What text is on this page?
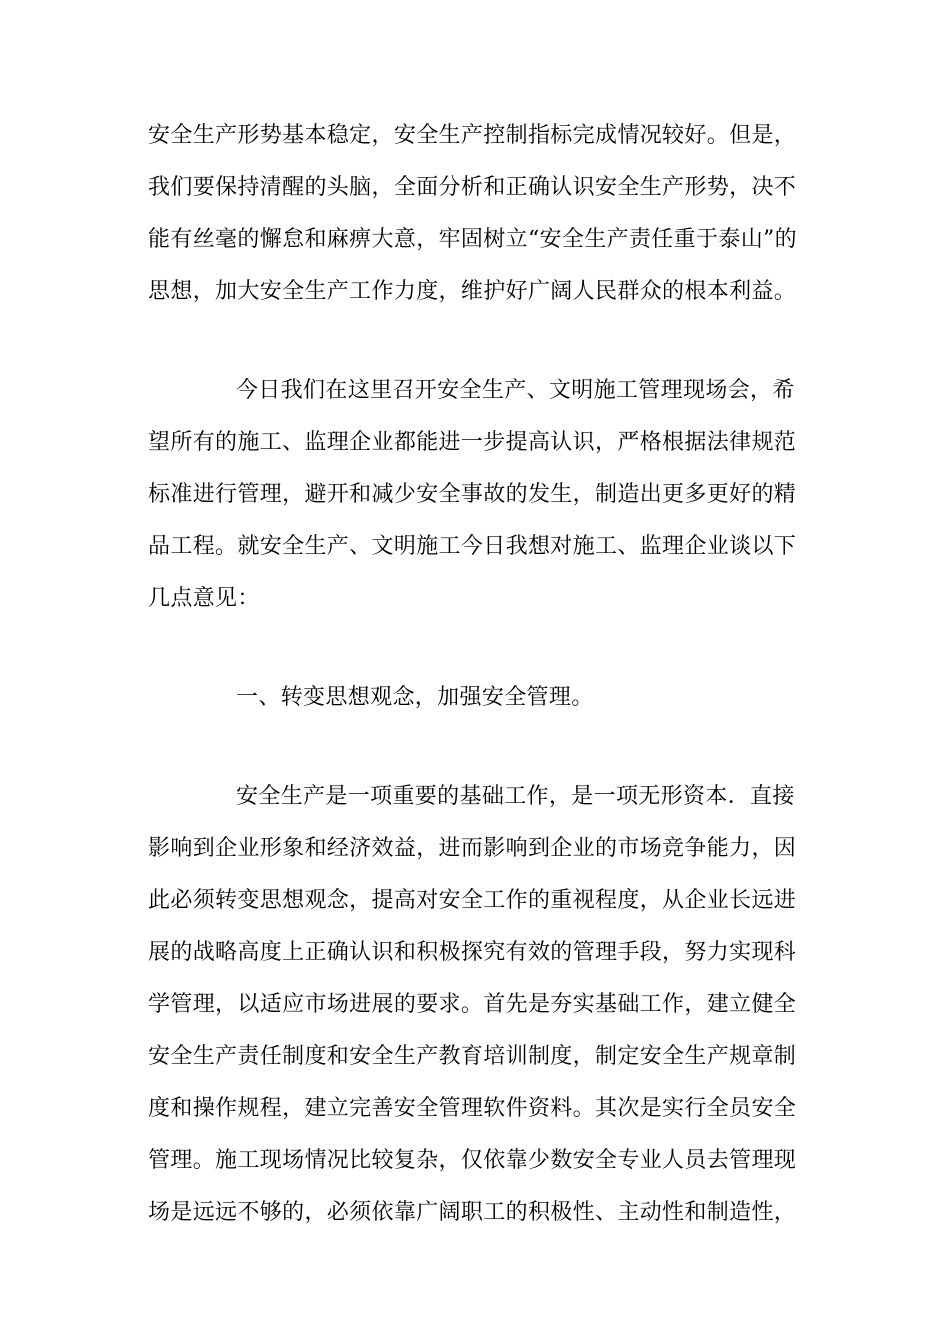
安全生产形势基本稳定，安全生产控制指标完成情况较好。但是，
我们要保持清醒的头脑，全面分析和正确认识安全生产形势，决不
能有丝毫的懈怠和麻痹大意，牢固树立“安全生产责任重于泰山”的
思想，加大安全生产工作力度，维护好广阔人民群众的根本利益。
今日我们在这里召开安全生产、文明施工管理现场会，希
望所有的施工、监理企业都能进一步提高认识，严格根据法律规范
标准进行管理，避开和减少安全事故的发生，制造出更多更好的精
品工程。就安全生产、文明施工今日我想对施工、监理企业谈以下
几点意见：
一、转变思想观念，加强安全管理。
安全生产是一项重要的基础工作，是一项无形资本．直接
影响到企业形象和经济效益，进而影响到企业的市场竞争能力，因
此必须转变思想观念，提高对安全工作的重视程度，从企业长远进
展的战略高度上正确认识和积极探究有效的管理手段，努力实现科
学管理，以适应市场进展的要求。首先是夯实基础工作，建立健全
安全生产责任制度和安全生产教育培训制度，制定安全生产规章制
度和操作规程，建立完善安全管理软件资料。其次是实行全员安全
管理。施工现场情况比较复杂，仅依靠少数安全专业人员去管理现
场是远远不够的，必须依靠广阔职工的积极性、主动性和制造性，
